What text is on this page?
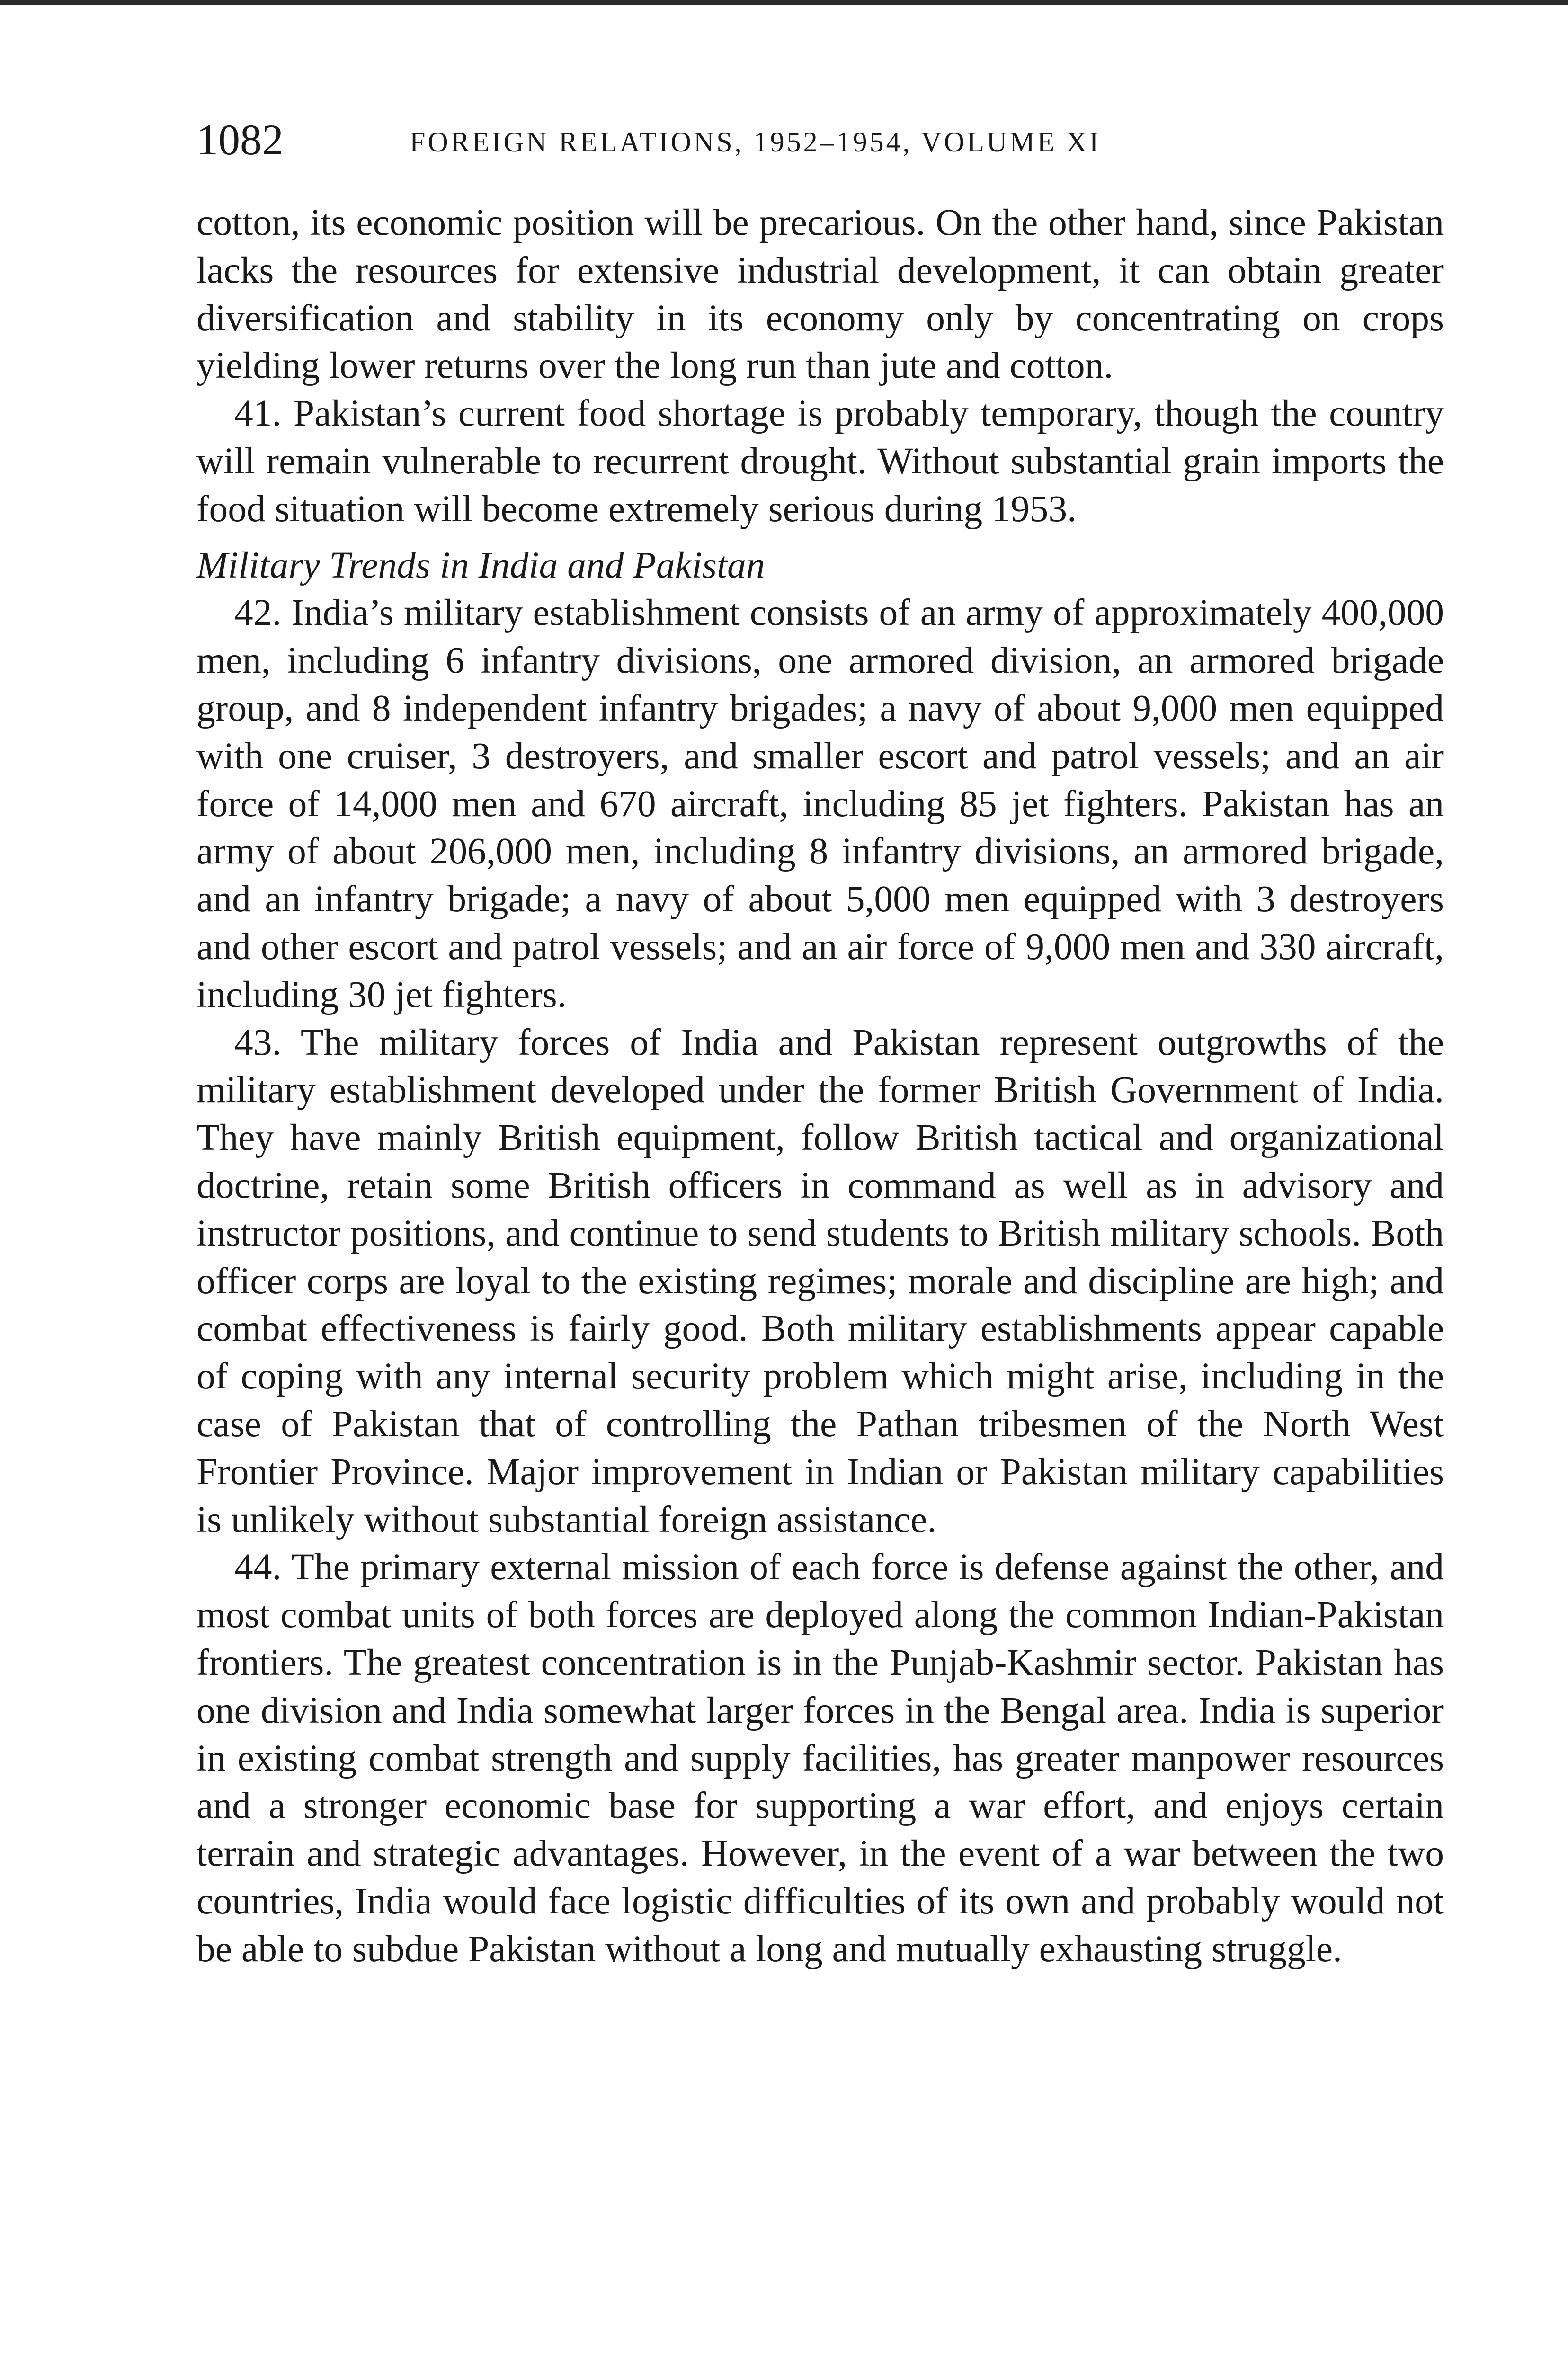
1082	FOREIGN RELATIONS, 1952–1954, VOLUME XI

cotton, its economic position will be precarious. On the other hand, since Pakistan lacks the resources for extensive industrial development, it can obtain greater diversification and stability in its economy only by concentrating on crops yielding lower returns over the long run than jute and cotton.

41. Pakistan’s current food shortage is probably temporary, though the country will remain vulnerable to recurrent drought. Without substantial grain imports the food situation will become extremely serious during 1953.

Military Trends in India and Pakistan

42. India’s military establishment consists of an army of approximately 400,000 men, including 6 infantry divisions, one armored division, an armored brigade group, and 8 independent infantry brigades; a navy of about 9,000 men equipped with one cruiser, 3 destroyers, and smaller escort and patrol vessels; and an air force of 14,000 men and 670 aircraft, including 85 jet fighters. Pakistan has an army of about 206,000 men, including 8 infantry divisions, an armored brigade, and an infantry brigade; a navy of about 5,000 men equipped with 3 destroyers and other escort and patrol vessels; and an air force of 9,000 men and 330 aircraft, including 30 jet fighters.

43. The military forces of India and Pakistan represent outgrowths of the military establishment developed under the former British Government of India. They have mainly British equipment, follow British tactical and organizational doctrine, retain some British officers in command as well as in advisory and instructor positions, and continue to send students to British military schools. Both officer corps are loyal to the existing regimes; morale and discipline are high; and combat effectiveness is fairly good. Both military establishments appear capable of coping with any internal security problem which might arise, including in the case of Pakistan that of controlling the Pathan tribesmen of the North West Frontier Province. Major improvement in Indian or Pakistan military capabilities is unlikely without substantial foreign assistance.

44. The primary external mission of each force is defense against the other, and most combat units of both forces are deployed along the common Indian-Pakistan frontiers. The greatest concentration is in the Punjab-Kashmir sector. Pakistan has one division and India somewhat larger forces in the Bengal area. India is superior in existing combat strength and supply facilities, has greater manpower resources and a stronger economic base for supporting a war effort, and enjoys certain terrain and strategic advantages. However, in the event of a war between the two countries, India would face logistic difficulties of its own and probably would not be able to subdue Pakistan without a long and mutually exhausting struggle.
